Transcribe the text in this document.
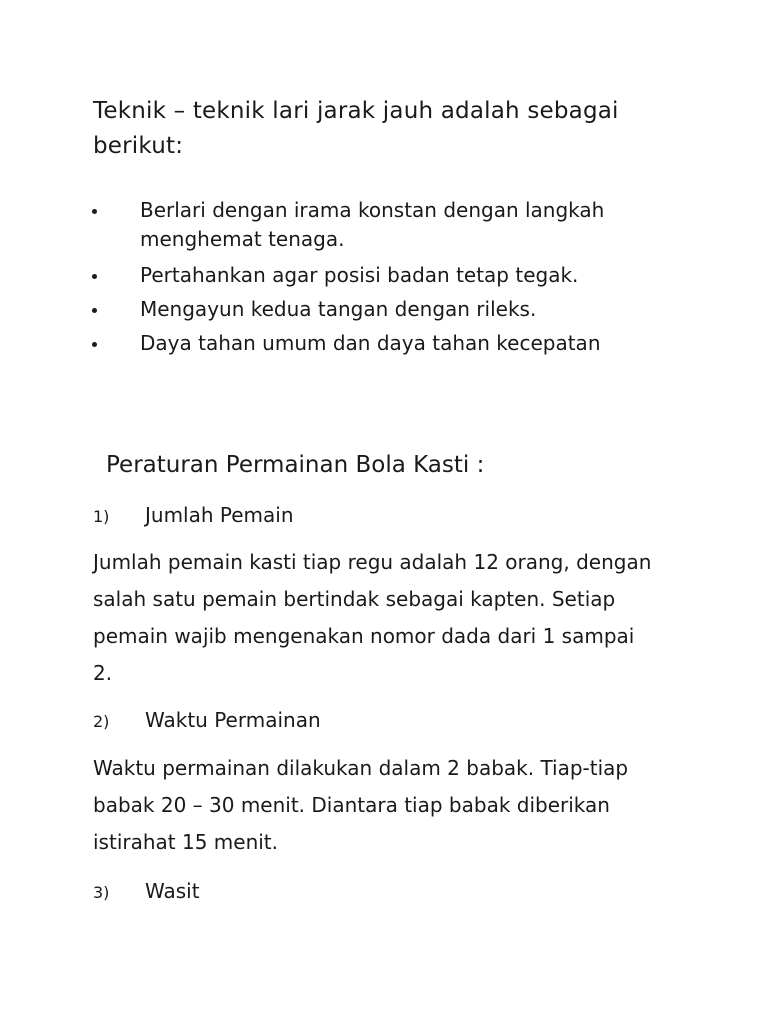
Teknik – teknik lari jarak jauh adalah sebagai berikut:
Berlari dengan irama konstan dengan langkah menghemat tenaga.
Pertahankan agar posisi badan tetap tegak.
Mengayun kedua tangan dengan rileks.
Daya tahan umum dan daya tahan kecepatan
Peraturan Permainan Bola Kasti :
1) Jumlah Pemain

Jumlah pemain kasti tiap regu adalah 12 orang, dengan salah satu pemain bertindak sebagai kapten. Setiap pemain wajib mengenakan nomor dada dari 1 sampai 2.

2) Waktu Permainan

Waktu permainan dilakukan dalam 2 babak. Tiap-tiap babak 20 – 30 menit. Diantara tiap babak diberikan istirahat 15 menit.

3) Wasit
